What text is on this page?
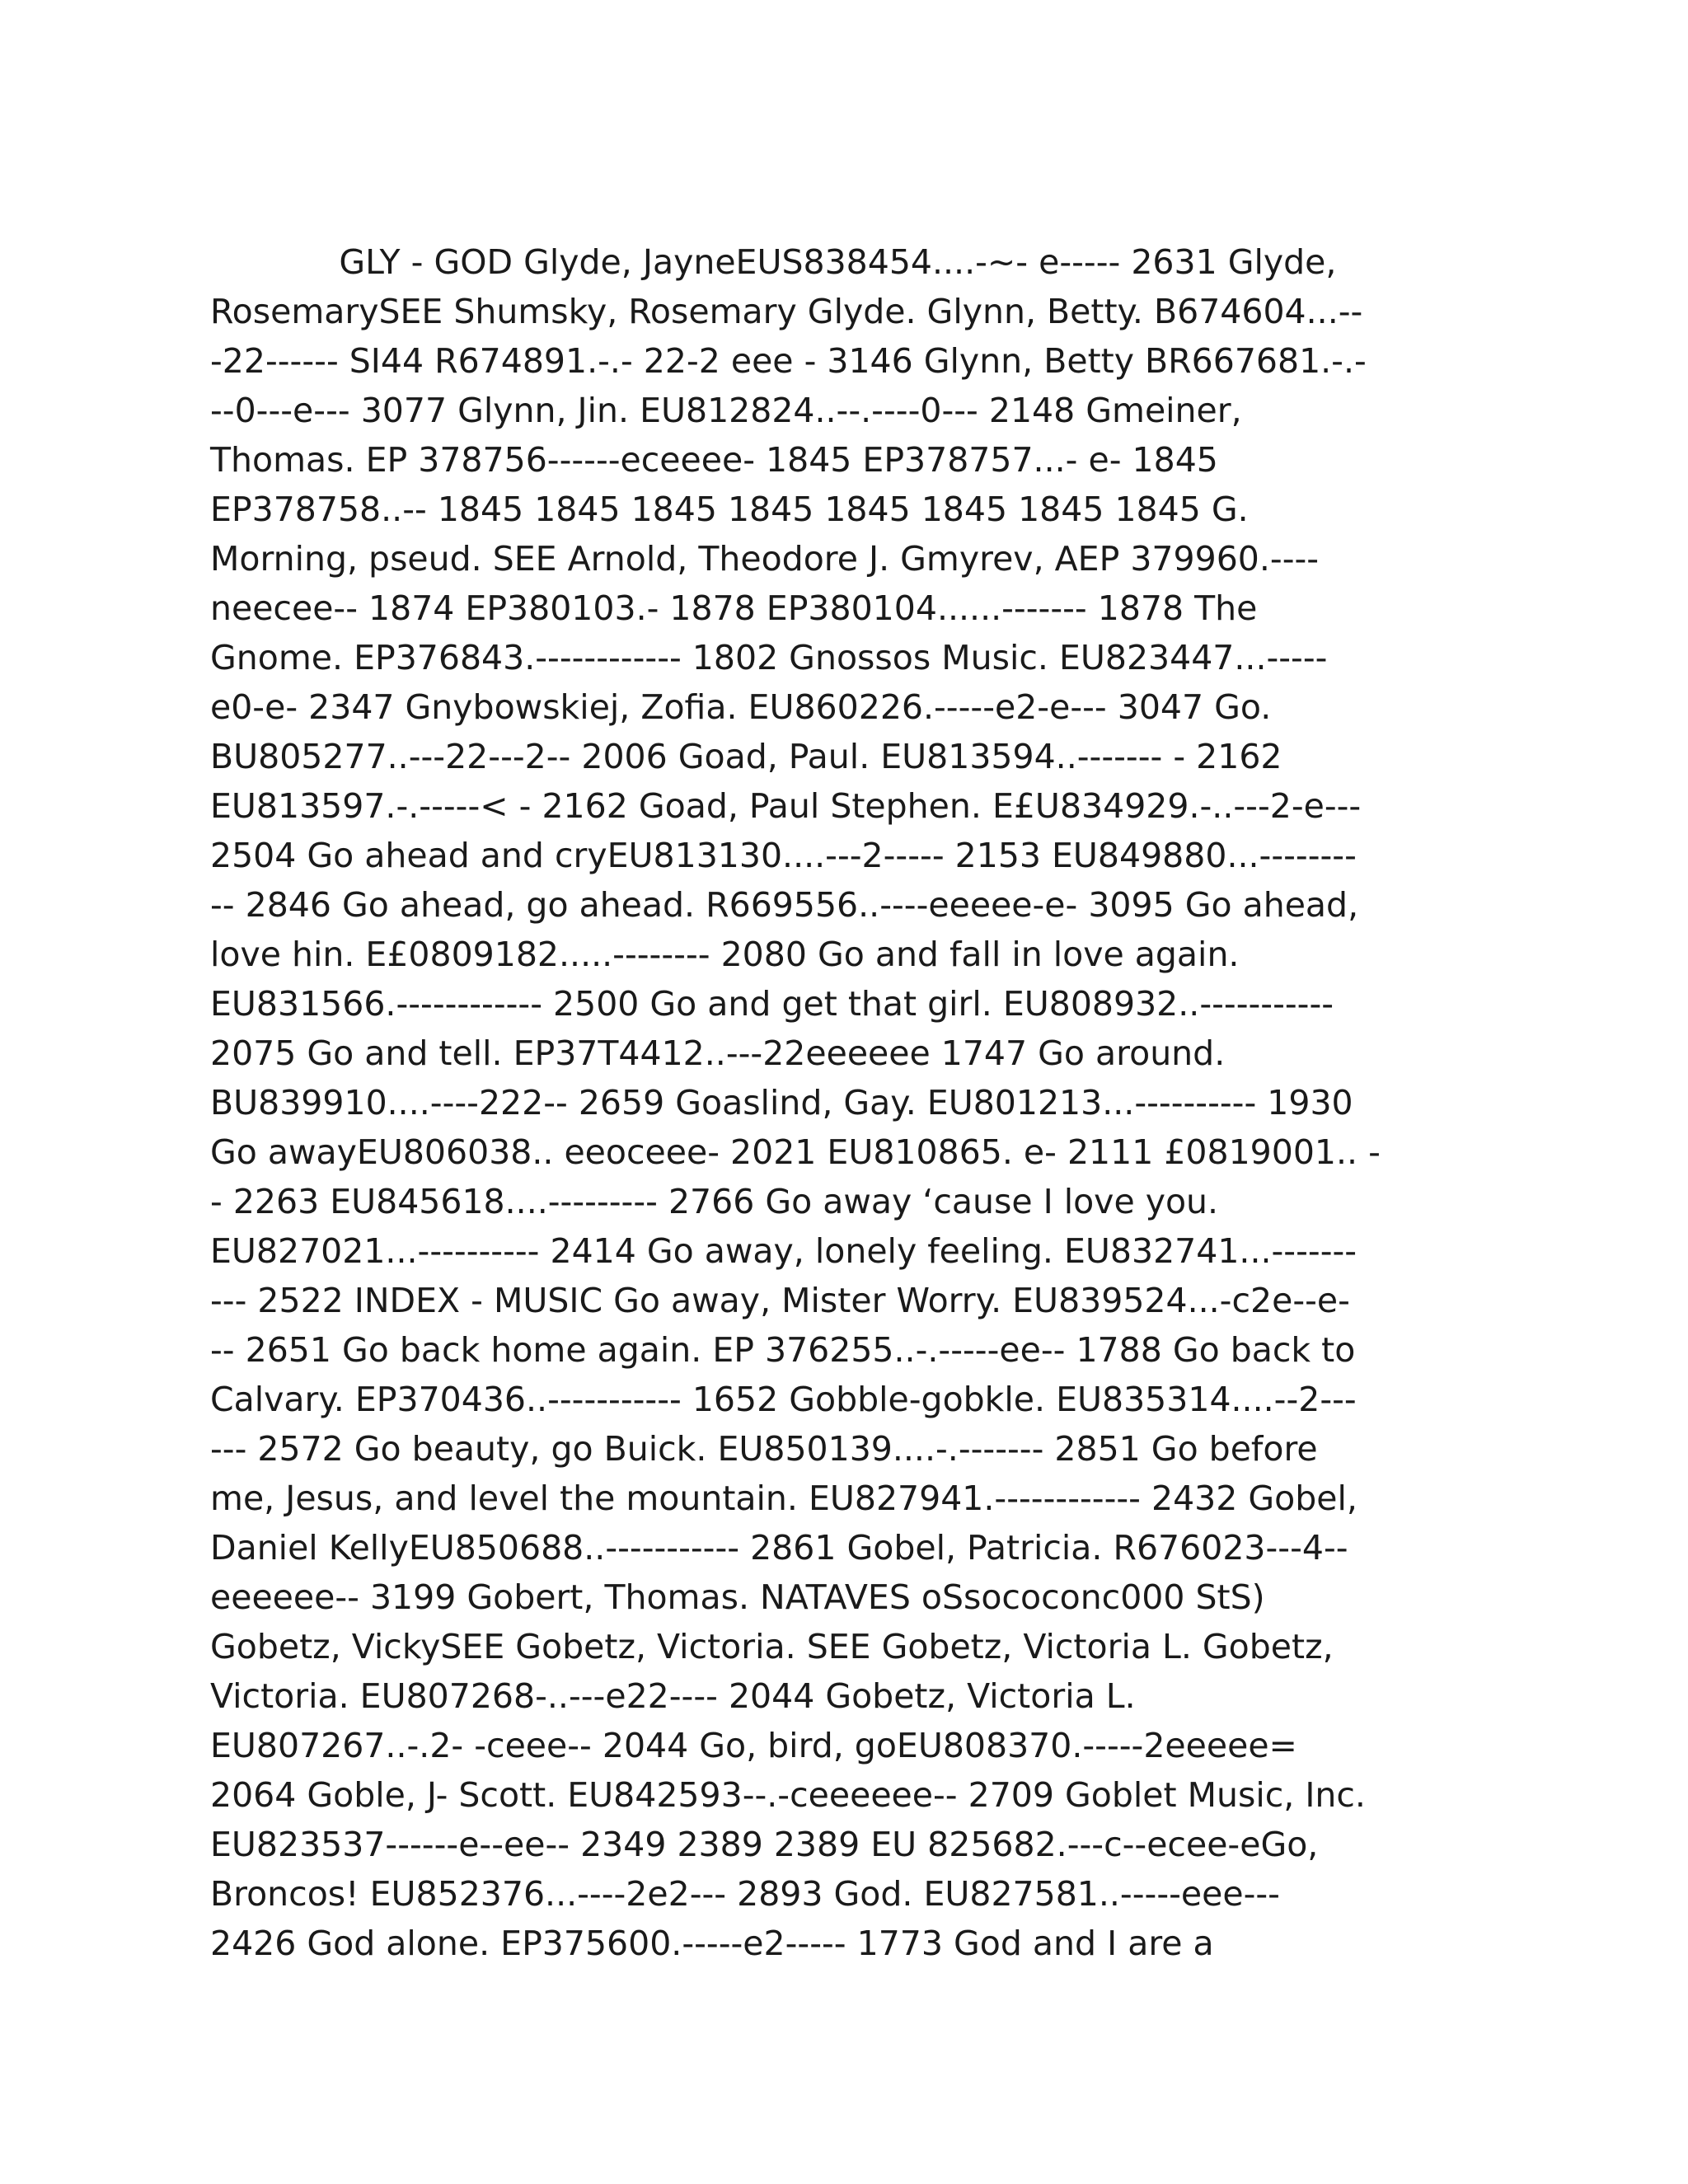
GLY - GOD Glyde, JayneEUS838454....-~- e----- 2631 Glyde,
RosemarySEE Shumsky, Rosemary Glyde. Glynn, Betty. B674604...--
-22------ SI44 R674891.-.- 22-2 eee - 3146 Glynn, Betty BR667681.-.-
--0---e--- 3077 Glynn, Jin. EU812824..--.----0--- 2148 Gmeiner,
Thomas. EP 378756------eceeee- 1845 EP378757...- e- 1845
EP378758..-- 1845 1845 1845 1845 1845 1845 1845 1845 G.
Morning, pseud. SEE Arnold, Theodore J. Gmyrev, AEP 379960.----
neecee-- 1874 EP380103.- 1878 EP380104......------- 1878 The
Gnome. EP376843.------------ 1802 Gnossos Music. EU823447...-----
e0-e- 2347 Gnybowskiej, Zofia. EU860226.-----e2-e--- 3047 Go.
BU805277..---22---2-- 2006 Goad, Paul. EU813594..------- - 2162
EU813597.-.-----< - 2162 Goad, Paul Stephen. E£U834929.-..---2-e---
2504 Go ahead and cryEU813130....---2----- 2153 EU849880...--------
-- 2846 Go ahead, go ahead. R669556..----eeeee-e- 3095 Go ahead,
love hin. E£0809182.....-------- 2080 Go and fall in love again.
EU831566.------------ 2500 Go and get that girl. EU808932..-----------
2075 Go and tell. EP37T4412..---22eeeeee 1747 Go around.
BU839910....----222-- 2659 Goaslind, Gay. EU801213...---------- 1930
Go awayEU806038.. eeoceee- 2021 EU810865. e- 2111 £0819001.. -
- 2263 EU845618....--------- 2766 Go away ‘cause I love you.
EU827021...---------- 2414 Go away, lonely feeling. EU832741...-------
--- 2522 INDEX - MUSIC Go away, Mister Worry. EU839524...-c2e--e-
-- 2651 Go back home again. EP 376255..-.-----ee-- 1788 Go back to
Calvary. EP370436..----------- 1652 Gobble-gobkle. EU835314....--2---
--- 2572 Go beauty, go Buick. EU850139....-.------- 2851 Go before
me, Jesus, and level the mountain. EU827941.------------ 2432 Gobel,
Daniel KellyEU850688..----------- 2861 Gobel, Patricia. R676023---4--
eeeeee-- 3199 Gobert, Thomas. NATAVES oSsococonc000 StS)
Gobetz, VickySEE Gobetz, Victoria. SEE Gobetz, Victoria L. Gobetz,
Victoria. EU807268-..---e22---- 2044 Gobetz, Victoria L.
EU807267..-.2- -ceee-- 2044 Go, bird, goEU808370.-----2eeeee=
2064 Goble, J- Scott. EU842593--.-ceeeeee-- 2709 Goblet Music, Inc.
EU823537------e--ee-- 2349 2389 2389 EU 825682.---c--ecee-eGo,
Broncos! EU852376...----2e2--- 2893 God. EU827581..-----eee---
2426 God alone. EP375600.-----e2----- 1773 God and I are a
